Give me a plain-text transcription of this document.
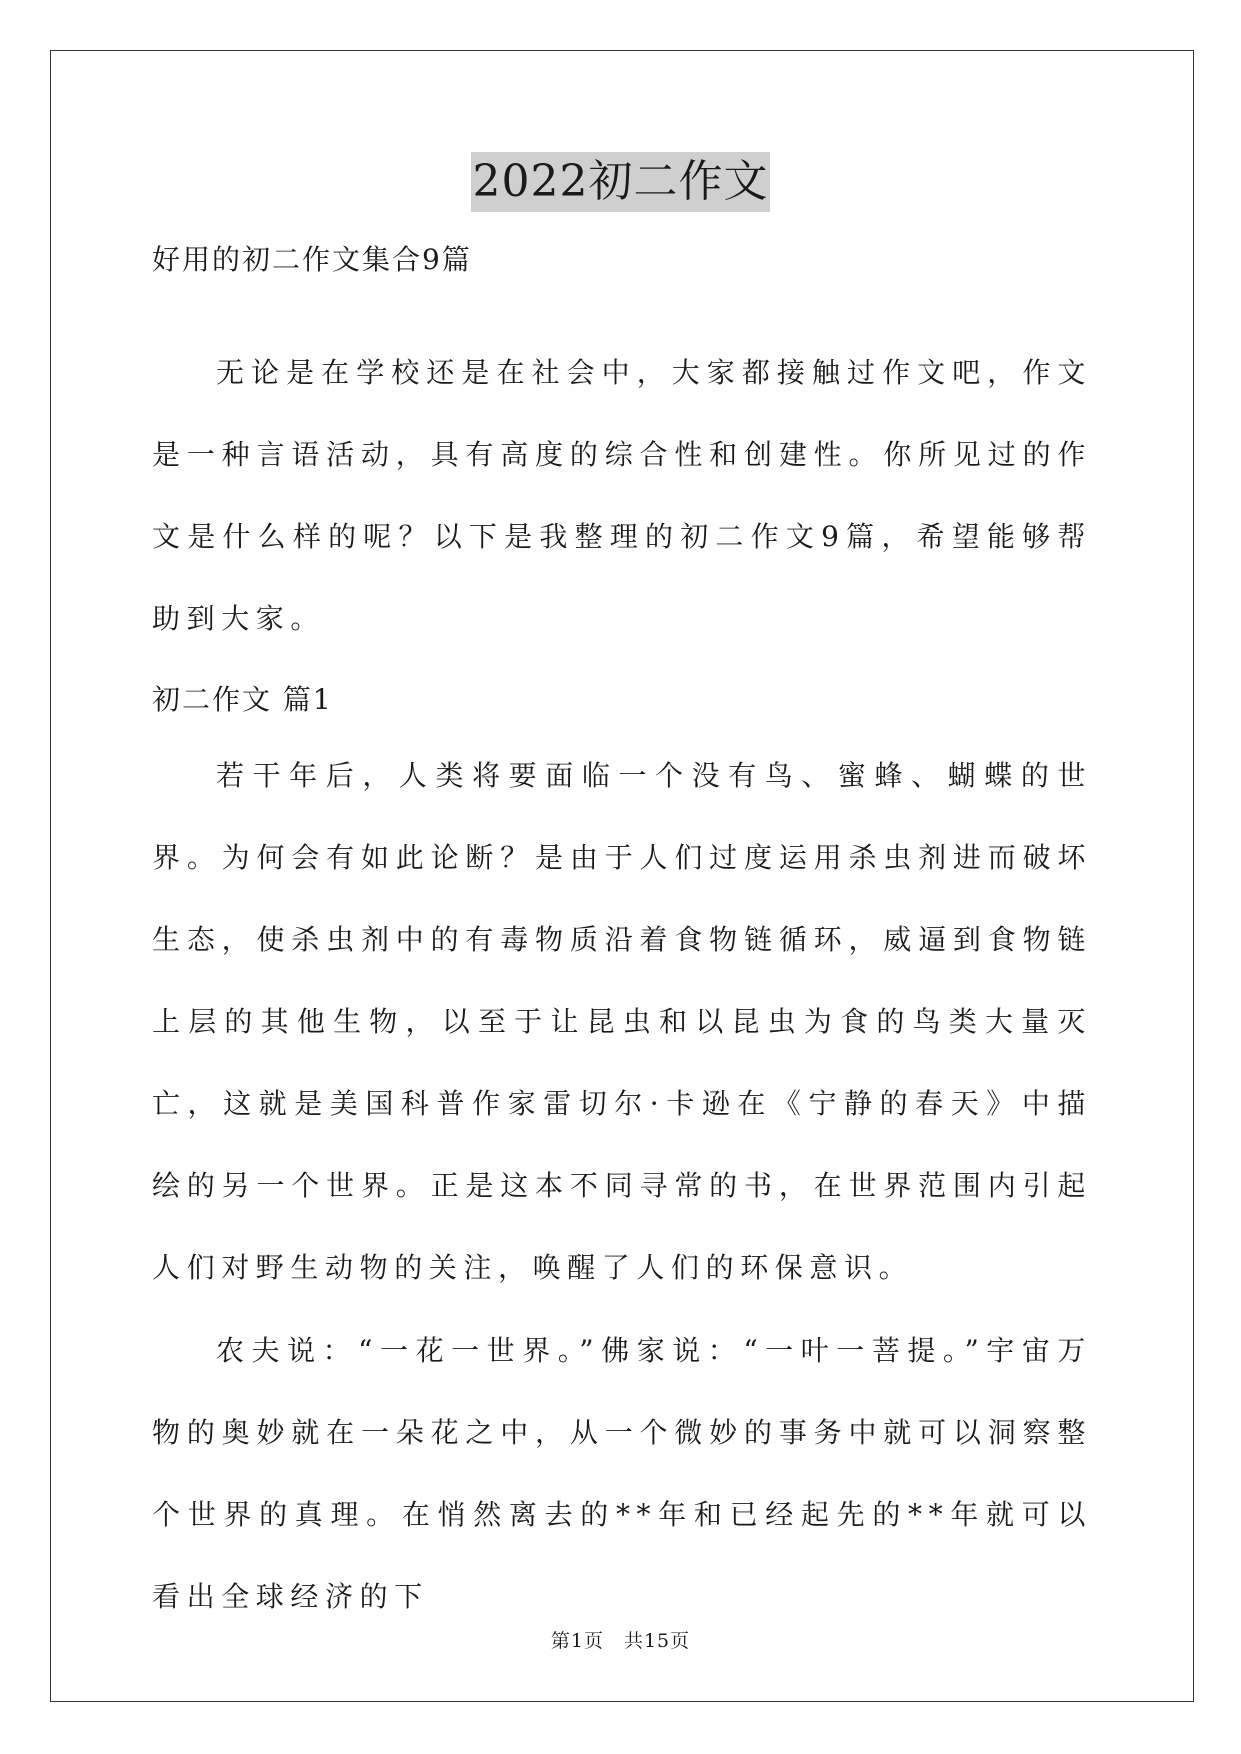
2022初二作文
好用的初二作文集合9篇

无论是在学校还是在社会中，大家都接触过作文吧，作文是一种言语活动，具有高度的综合性和创建性。你所见过的作文是什么样的呢？以下是我整理的初二作文9篇，希望能够帮助到大家。

初二作文 篇1

若干年后，人类将要面临一个没有鸟、蜜蜂、蝴蝶的世界。为何会有如此论断？是由于人们过度运用杀虫剂进而破坏生态，使杀虫剂中的有毒物质沿着食物链循环，威逼到食物链上层的其他生物，以至于让昆虫和以昆虫为食的鸟类大量灭亡，这就是美国科普作家雷切尔·卡逊在《宁静的春天》中描绘的另一个世界。正是这本不同寻常的书，在世界范围内引起人们对野生动物的关注，唤醒了人们的环保意识。

农夫说：“一花一世界。”佛家说：“一叶一菩提。”宇宙万物的奥妙就在一朵花之中，从一个微妙的事务中就可以洞察整个世界的真理。在悄然离去的**年和已经起先的**年就可以看出全球经济的下

第1页　共15页
